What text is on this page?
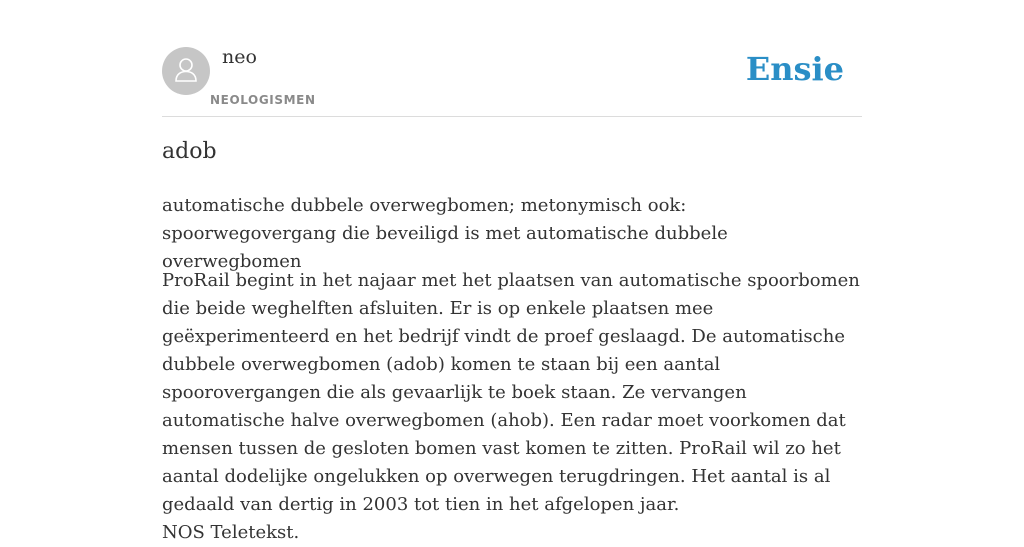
neo
NEOLOGISMEN
Ensie
adob

automatische dubbele overwegbomen; metonymisch ook: spoorwegovergang die beveiligd is met automatische dubbele overwegbomen

ProRail begint in het najaar met het plaatsen van automatische spoorbomen die beide weghelften afsluiten. Er is op enkele plaatsen mee geëxperimenteerd en het bedrijf vindt de proef geslaagd. De automatische dubbele overwegbomen (adob) komen te staan bij een aantal spoorovergangen die als gevaarlijk te boek staan. Ze vervangen automatische halve overwegbomen (ahob). Een radar moet voorkomen dat mensen tussen de gesloten bomen vast komen te zitten. ProRail wil zo het aantal dodelijke ongelukken op overwegen terugdringen. Het aantal is al gedaald van dertig in 2003 tot tien in het afgelopen jaar.
NOS Teletekst.
